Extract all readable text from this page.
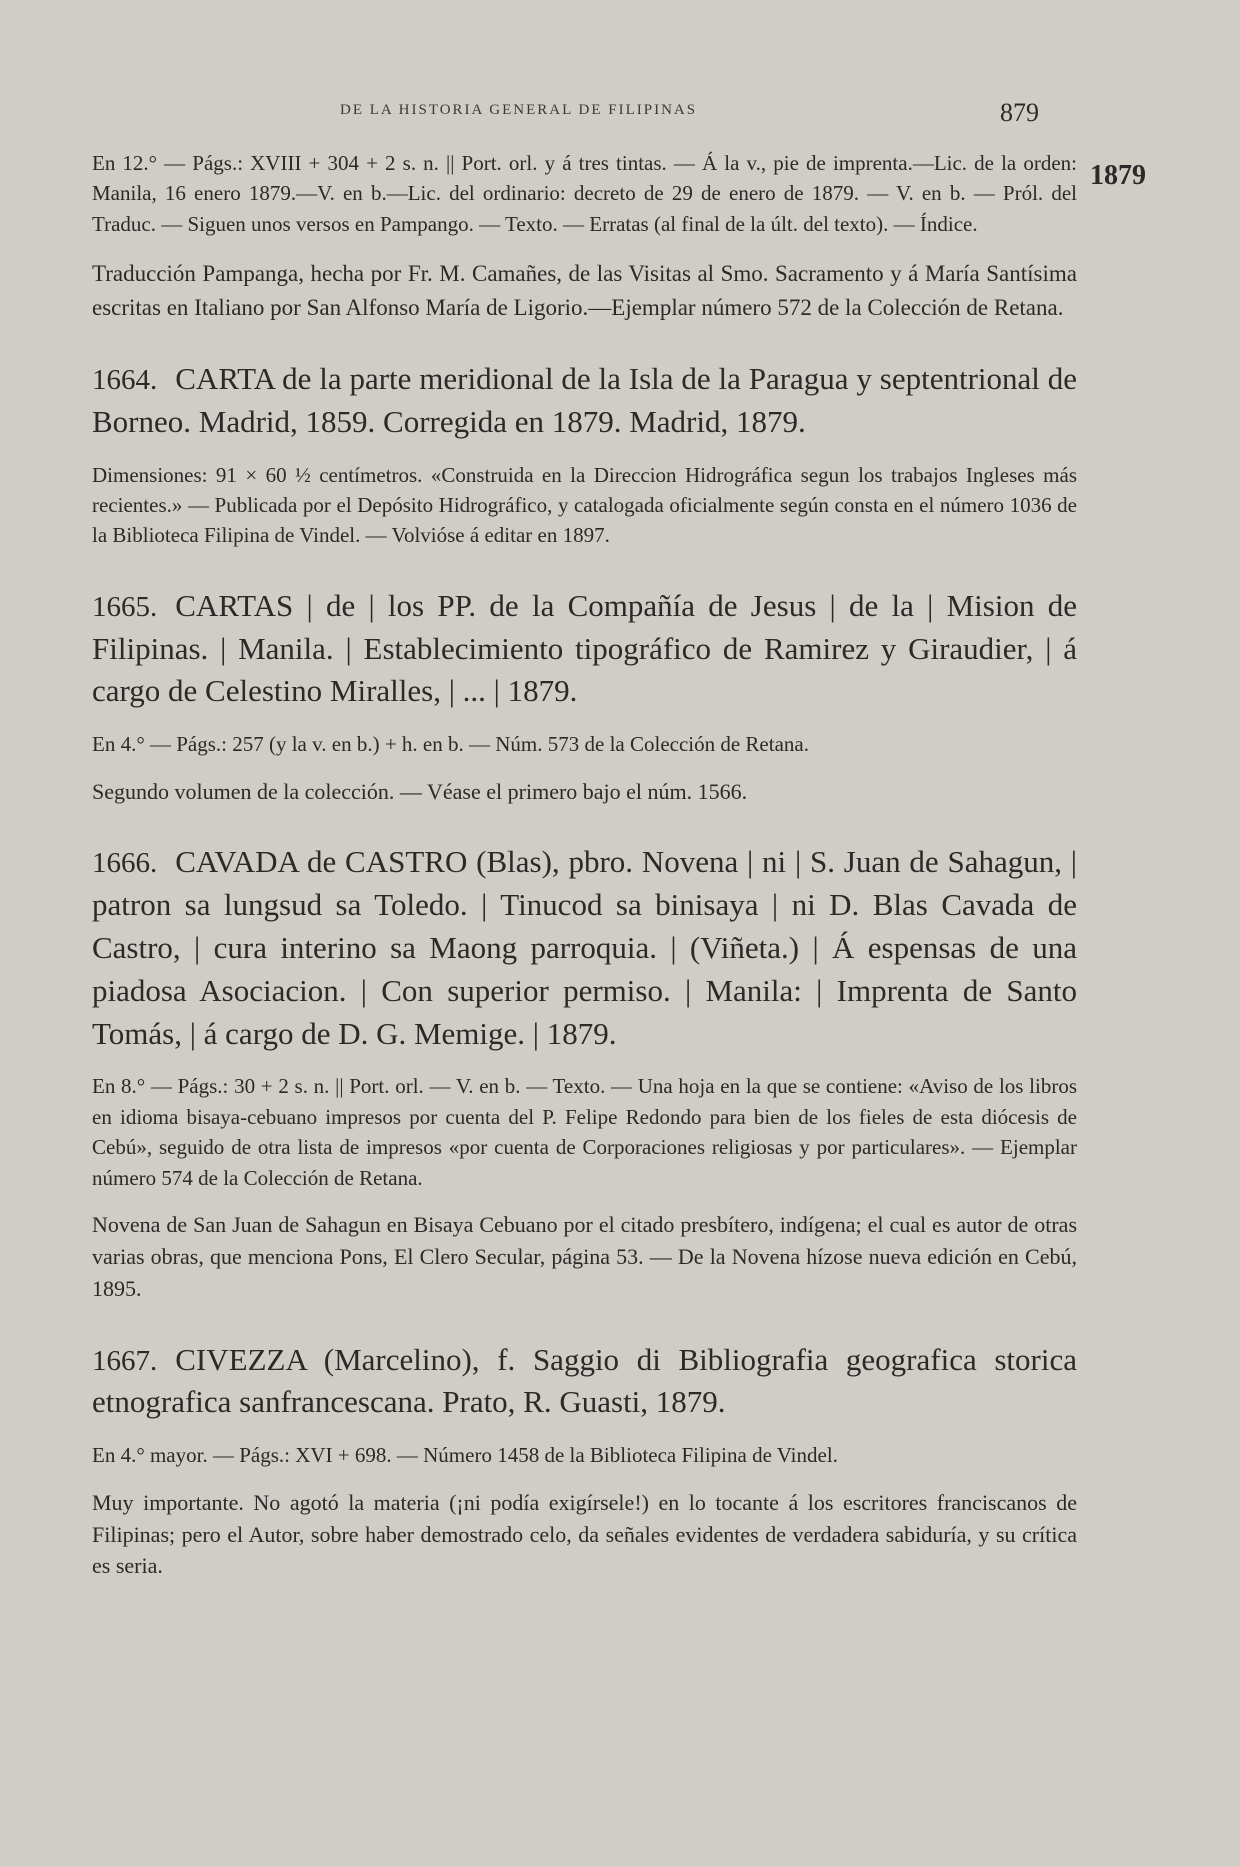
DE LA HISTORIA GENERAL DE FILIPINAS	879
1879

En 12.° — Págs.: XVIII + 304 + 2 s. n. || Port. orl. y á tres tintas. — Á la v., pie de imprenta.—Lic. de la orden: Manila, 16 enero 1879.—V. en b.—Lic. del ordinario: decreto de 29 de enero de 1879. — V. en b. — Pról. del Traduc. — Siguen unos versos en Pampango. — Texto. — Erratas (al final de la últ. del texto). — Índice.

Traducción Pampanga, hecha por Fr. M. Camañes, de las Visitas al Smo. Sacramento y á María Santísima escritas en Italiano por San Alfonso María de Ligorio.—Ejemplar número 572 de la Colección de Retana.

1664. CARTA de la parte meridional de la Isla de la Paragua y septentrional de Borneo. Madrid, 1859. Corregida en 1879. Madrid, 1879.

Dimensiones: 91 × 60 ½ centímetros. «Construida en la Direccion Hidrográfica segun los trabajos Ingleses más recientes.» — Publicada por el Depósito Hidrográfico, y catalogada oficialmente según consta en el número 1036 de la Biblioteca Filipina de Vindel. — Volvióse á editar en 1897.

1665. CARTAS | de | los PP. de la Compañía de Jesus | de la | Mision de Filipinas. | Manila. | Establecimiento tipográfico de Ramirez y Giraudier, | á cargo de Celestino Miralles, | ... | 1879.

En 4.° — Págs.: 257 (y la v. en b.) + h. en b. — Núm. 573 de la Colección de Retana.

Segundo volumen de la colección. — Véase el primero bajo el núm. 1566.

1666. CAVADA de CASTRO (Blas), pbro. Novena | ni | S. Juan de Sahagun, | patron sa lungsud sa Toledo. | Tinucod sa binisaya | ni D. Blas Cavada de Castro, | cura interino sa Maong parroquia. | (Viñeta.) | Á espensas de una piadosa Asociacion. | Con superior permiso. | Manila: | Imprenta de Santo Tomás, | á cargo de D. G. Memige. | 1879.

En 8.° — Págs.: 30 + 2 s. n. || Port. orl. — V. en b. — Texto. — Una hoja en la que se contiene: «Aviso de los libros en idioma bisaya-cebuano impresos por cuenta del P. Felipe Redondo para bien de los fieles de esta diócesis de Cebú», seguido de otra lista de impresos «por cuenta de Corporaciones religiosas y por particulares». — Ejemplar número 574 de la Colección de Retana.

Novena de San Juan de Sahagun en Bisaya Cebuano por el citado presbítero, indígena; el cual es autor de otras varias obras, que menciona Pons, El Clero Secular, página 53. — De la Novena hízose nueva edición en Cebú, 1895.

1667. CIVEZZA (Marcelino), f. Saggio di Bibliografia geografica storica etnografica sanfrancescana. Prato, R. Guasti, 1879.

En 4.° mayor. — Págs.: XVI + 698. — Número 1458 de la Biblioteca Filipina de Vindel.

Muy importante. No agotó la materia (¡ni podía exigírsele!) en lo tocante á los escritores franciscanos de Filipinas; pero el Autor, sobre haber demostrado celo, da señales evidentes de verdadera sabiduría, y su crítica es seria.
